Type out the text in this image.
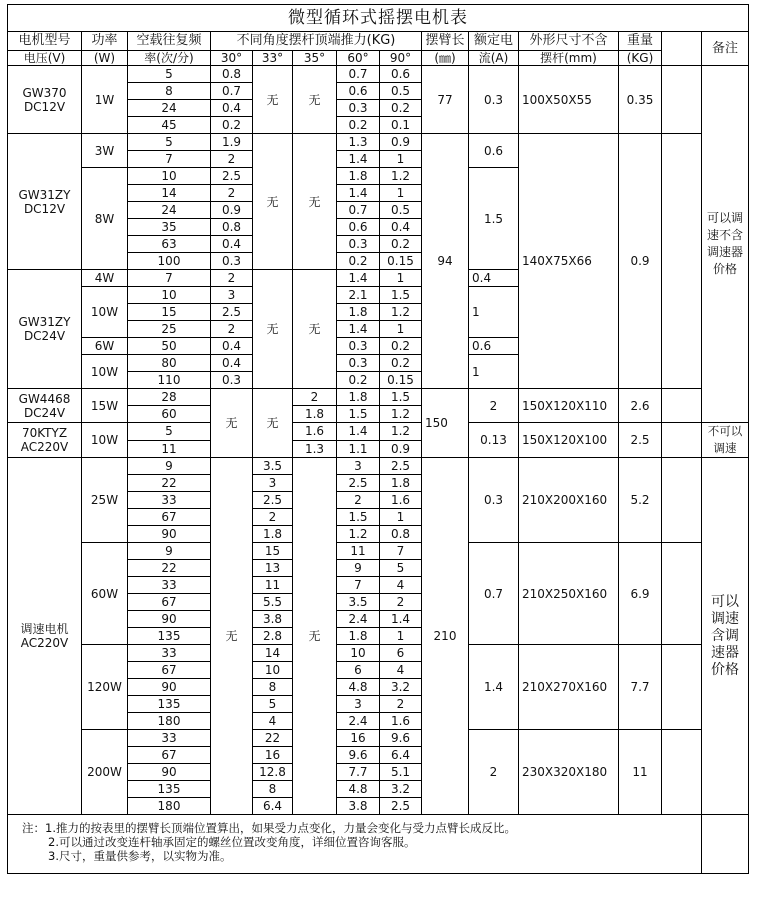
微型循环式摇摆电机表													
电机型号	功率	空载往复频	不同角度摆杆顶端推力(KG)					摆臂长	额定电	外形尺寸不含	重量		备注
电压(V)	(W)	率(次/分)	30°	33°	35°	60°	90°	(㎜)	流(A)	摆杆(mm)	(KG)		

GW370
DC12V	1W	5	0.8	无	无	0.7	0.6	77	0.3	100X50X55	0.35		可以调速不含调速器价格
		8	0.7			0.6	0.5						
		24	0.4			0.3	0.2						
		45	0.2			0.2	0.1						

GW31ZY
DC12V	3W	5	1.9	无	无	1.3	0.9	94	0.6	140X75X66	0.9		
		7	2			1.4	1						
	8W	10	2.5			1.8	1.2		1.5				
		14	2			1.4	1						
		24	0.9			0.7	0.5						
		35	0.8			0.6	0.4						
		63	0.4			0.3	0.2						
		100	0.3			0.2	0.15						

GW31ZY
DC24V	4W	7	2	无	无	1.4	1		0.4				
	10W	10	3			2.1	1.5		1				
		15	2.5			1.8	1.2						
		25	2			1.4	1						
	6W	50	0.4			0.3	0.2		0.6				
	10W	80	0.4			0.3	0.2		1				
		110	0.3			0.2	0.15						

GW4468
DC24V	15W	28	无	无	2	1.8	1.5	150	2	150X120X110	2.6		
		60			1.8	1.5	1.2						

70KTYZ
AC220V	10W	5			1.6	1.4	1.2		0.13	150X120X100	2.5		不可以调速
		11			1.3	1.1	0.9						

调速电机
AC220V	25W	9	无	3.5	无	3	2.5	210	0.3	210X200X160	5.2		可以调速含调速器价格
		22		3		2.5	1.8						
		33		2.5		2	1.6						
		67		2		1.5	1						
		90		1.8		1.2	0.8						
	60W	9		15		11	7		0.7	210X250X160	6.9		
		22		13		9	5						
		33		11		7	4						
		67		5.5		3.5	2						
		90		3.8		2.4	1.4						
		135		2.8		1.8	1						
	120W	33		14		10	6		1.4	210X270X160	7.7		
		67		10		6	4						
		90		8		4.8	3.2						
		135		5		3	2						
		180		4		2.4	1.6						
	200W	33		22		16	9.6		2	230X320X180	11		
		67		16		9.6	6.4						
		90		12.8		7.7	5.1						
		135		8		4.8	3.2						
		180		6.4		3.8	2.5						

注：1.推力的按表里的摆臂长顶端位置算出，如果受力点变化，力量会变化与受力点臂长成反比。
2.可以通过改变连杆轴承固定的螺丝位置改变角度，详细位置咨询客服。
3.尺寸，重量供参考，以实物为准。													
